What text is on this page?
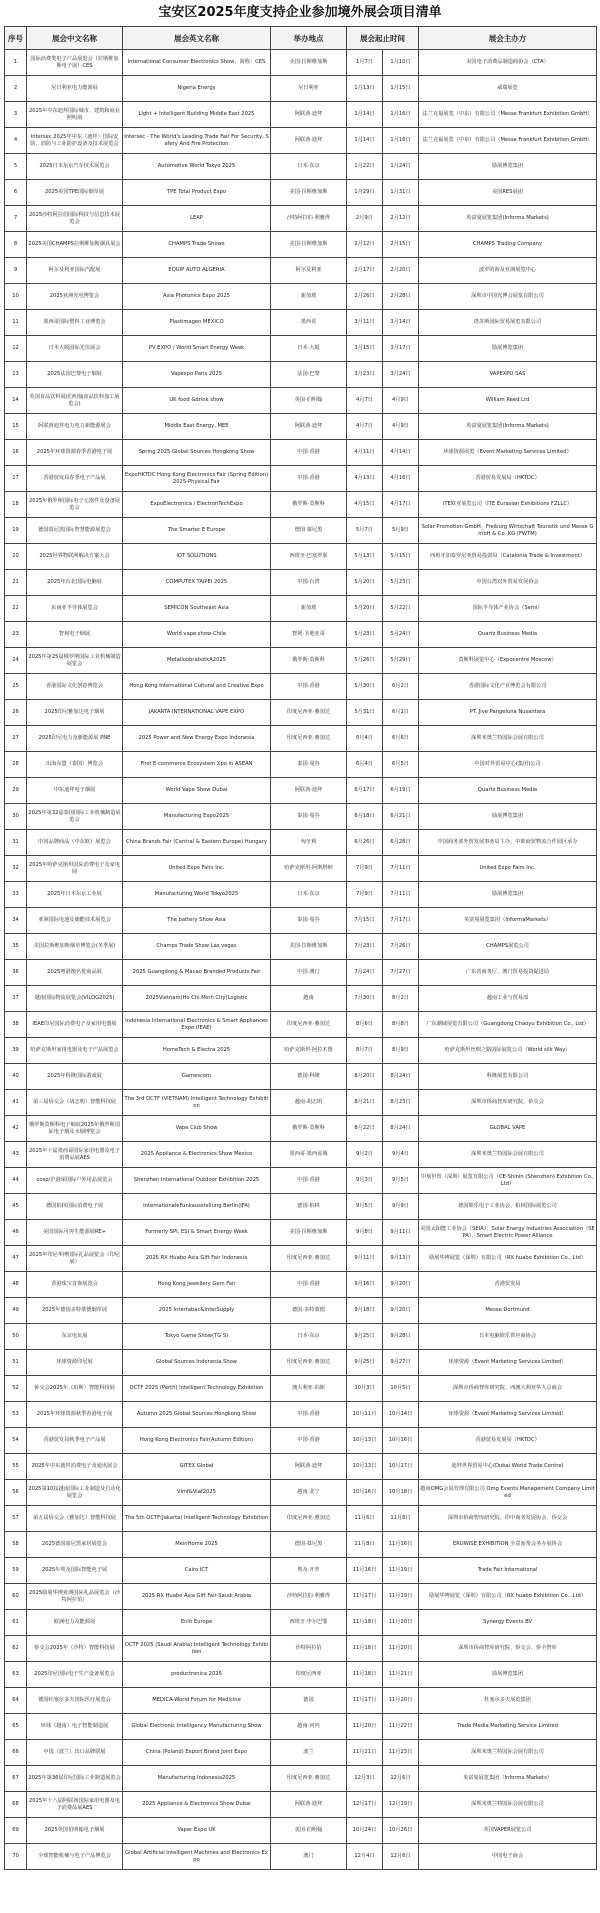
宝安区2025年度支持企业参加境外展会项目清单
序号	展会中文名称	展会英文名称	举办地点	展会起止时间		展会主办方
1	国际消费类电子产品展览会（拉斯维加斯电子展）CES	International Consumer Electronics Show，简称：CES	美国·拉斯维加斯	1月7日	1月10日	美国电子消费品制造商协会（CTA）
2	尼日利亚电力能源展	Nigeria Energy	尼日利亚	1月13日	1月15日	威瑞展览
3	2025年中东迪拜国际城市、建筑和商业照明展	Light + Intelligent Building Middle East 2025	阿联酋·迪拜	1月14日	1月16日	法兰克福展览（中东）有限公司（Messe Frankfurt Exhibition GmbH）
4	Intersec 2025年中东（迪拜）国际安防、消防与工业防护设备及技术展览会	Intersec - The World's Leading Trade Fair For Security, Safety And Fire Protection	阿联酋·迪拜	1月14日	1月16日	法兰克福展览（中东）有限公司（Messe Frankfurt Exhibition GmbH）
5	2025日本东京汽车技术展览会	Automotive World Tokyo 2025	日本·东京	1月22日	1月24日	励展博览集团
6	2025美国TPE国际烟草展	TPE Total Product Expo	美国·拉斯维加斯	1月29日	1月31日	美国RES展团
7	2025沙特阿拉伯国际科技与信息技术展览会	LEAP	沙特阿拉伯·利雅得	2月9日	2月12日	英富曼展览集团(Informa Markets)
8	2025美国CHAMPS拉斯维加斯烟具展会	CHAMPS Trade Shows	美国·拉斯维加斯	2月12日	2月15日	CHAMPS Trading Company
9	阿尔及利亚国际汽配展	EQUIP AUTO ALGERIA	阿尔及利亚	2月17日	2月20日	波罗的海及亚洲展览中心
10	2025亚洲光电博览会	Asia Photonics Expo 2025	新加坡	2月26日	2月28日	深圳市中国光博会展览有限公司
11	墨西哥国际塑料工业博览会	Plastimagen MEXICO	墨西哥	3月11日	3月14日	塔苏斯国际贸易展览有限公司
12	日本大阪国际光伏展会	PV EXPO / World Smart Energy Week	日本·大阪	3月15日	3月17日	励展博览集团
13	2025法国巴黎电子烟展	Vapexpo Paris 2025	法国·巴黎	3月23日	3月24日	VAPEXPO SAS
14	英国食品饮料展(伯明翰食品饮料加工展览会)	UK food &drink show	英国·伯明翰	4月7日	4月9日	William Reed Ltd
15	阿联酋迪拜电力电力新能源展会	Middle East Energy, MEE	阿联酋·迪拜	4月7日	4月9日	英富曼展览集团(Informa Markets)
16	2025年环球资源春季香港电子展	Spring 2025 Global Sources Hongkong Show	中国·香港	4月11日	4月14日	环球资源展览（Event Marketing Services Limited）
17	香港贸发局春季电子产品展	ExpoHKTDC Hong Kong Electronics Fair (Spring Edition) 2025-Physical Fair	中国·香港	4月13日	4月16日	香港贸易发展局（HKTDC）
18	2025年俄罗斯国际电子元器件及设备展览会	ExpoElectronica / ElectronTechExpo	俄罗斯·莫斯科	4月15日	4月17日	ITE欧亚展览公司（ITE Eurasian Exhibitions FZLLC）
19	德国慕尼黑国际智慧能源展览会	The Smarter E Europe	德国·慕尼黑	5月7日	5月9日	Solar Promotion GmbH、Freiburg Wirtschaft Touristik und Messe GmbH & Co. KG (FWTM)
20	2025世界物联网解决方案大会	IOT SOLUTIONS	西班牙·巴塞罗那	5月13日	5月15日	西班牙加泰罗尼亚贸易投资局（Catalonia Trade & Investment）
21	2025年台北国际电脑展	COMPUTEX TAIPEI 2025	中国·台湾	5月20日	5月23日	中国台湾对外贸易发展协会
22	东南亚半导体展览会	SEMICON Southeast Asia	新加坡	5月20日	5月22日	国际半导体产业协会（Semi）
23	智利电子烟展	World vape show-Chile	智利·圣地亚哥	5月23日	5月24日	Quartz Business Media
24	2025年第25届俄罗斯国际工业机械制造展览会	MetalloobrabotkA2025	俄罗斯·莫斯科	5月26日	5月29日	莫斯科展览中心（Expocentre Moscow）
25	香港国际文化创意博览会	Hong Kong International Cultural and Creative Expo	中国·香港	5月30日	6月2日	香港国际文化产业博览会有限公司
26	2025印尼雅加达电子烟展	JAKARTA INTERNATIONAL VAPE EXPO	印度尼西亚·雅加达	5月31日	6月1日	PT. Jive Pangeluna Nusantara
27	2025印尼电力及新能源展 PNE	2025 Power and New Energy Expo Indonesia	印度尼西亚·雅加达	6月4日	6月6日	深圳米奥兰特国际会展有限公司
28	出海东盟（泰国）博览会	First E-commerce Ecosystem Xpo in ASEAN	泰国·曼谷	6月4日	6月5日	中国对外贸易中心(集团)公司
29	中东迪拜电子烟展	World Vape Show Dubai	阿联酋·迪拜	6月17日	6月19日	Quartz Business Media
30	2025年第32届泰国国际工业机械制造展览会	Manufacturing Expo2025	泰国·曼谷	6月18日	6月21日	励展博览集团
31	中国品牌商品（中东欧）展览会	China Brands Fair (Central & Eastern Europe) Hungary	匈牙利	6月26日	6月28日	中国商务部外贸发展事务局主办，中欧商贸物流合作园区承办
32	2025年哈萨克斯坦国际消费电子及家电展	United Expo Fairs Inc.	哈萨克斯坦·阿斯塔纳	7月9日	7月11日	United Expo Fairs Inc.
33	2025年日本东京工业展	Manufacturing World Tokyo2025	日本·东京	7月9日	7月11日	励展博览集团
34	亚洲国际电池及储能技术展览会	The battery Show Asia	泰国·曼谷	7月15日	7月17日	英富曼展览集团（InformaMarkets）
35	美国拉斯维加斯烟草博览会(冬季展)	Champs Trade Show Las vegas	美国·拉斯维加斯	7月23日	7月26日	CHAMPS展览公司
36	2025粤港澳名优商品展	2025 Guangdong & Macao Branded Products Fair	中国·澳门	7月24日	7月27日	广东省商务厅、澳门贸易投资促进局
37	越南国际物流展览会(VILOG2025)	2025Vietnam(Ho Chi Minh City)Logistic	越南	7月30日	8月2日	越南工业与贸易部
38	IEAE印尼国际消费电子及家用电器展	Indonesia International Electronics & Smart Appliances Expo (IEAE)	印度尼西亚·雅加达	8月6日	8月8日	广东潮域展览有限公司（Guangdong Chaoyu Exhibition Co., Ltd）
39	哈萨克斯坦家用电器及电子产品展览会	HomeTech & Electra 2025	哈萨克斯坦·阿拉木图	8月7日	8月9日	哈萨克斯坦丝绸之路国际展览公司（World silk Way）
40	2025年科隆国际游戏展	Gamescom	德国·科隆	8月20日	8月24日	科隆展览有限公司
41	第三届侨交会（胡志明）智能科技展	The 3rd OCTF (VIETNAM) Intelligent Technology Exhibition	越南·胡志明	8月21日	8月23日	深圳市侨商智库研究院、侨交会
42	俄罗斯莫斯科电子烟展2025年俄罗斯国际电子烟及水烟博览会	Vape Club Show	俄罗斯·莫斯科	8月22日	8月24日	GLOBAL VAPE
43	2025年十届墨西哥国际家用电器及电子消费品展AES	2025 Appliance & Electronics Show Mexico	墨西哥·墨西哥城	9月2日	9月4日	深圳米奥兰特国际会展有限公司
44	cosp/沪港深国际户外用品展览会	Shenzhen International Outdoor Exhibition 2025	中国·香港	9月3日	9月5日	中展世贸（深圳）展览有限公司（CE-Shinin (Shenzhen) Exhibition Co., Ltd）
45	德国柏林国际消费电子展	InternationaleFunkausstellung Berlin(IFA)	德国·柏林	9月5日	9月9日	德国娱乐电子工业协会、柏林国际展览公司
46	美国国际可再生能源展RE+	Formerly SPI, ESI & Smart Energy Week	美国·拉斯维加斯	9月8日	9月11日	美国太阳能工业协会（SEIA）、Solar Energy Industries Association（SEPA）、Smart Electric Power Alliance
47	2025年印尼华博国际礼品展览会（印尼展）	2025 RX Huabo Asia Gift Fair Indonesia	印度尼西亚·雅加达	9月11日	9月13日	励展华博展览（深圳）有限公司（RX huabo Exhibition Co., Ltd）
48	香港珠宝首饰展览会	Hong Kong Jewellery Gem Fair	中国·香港	9月16日	9月20日	香港贸发局
49	2025年德国多特蒙德烟草展	2025 Intertabac&InterSupply	德国·多特蒙德	9月18日	9月20日	Messe Dortmund
50	东京电玩展	Tokyo Game Show(TG S)	日本·东京	9月25日	9月28日	日本电脑娱乐供应商协会
51	环球资源印尼展	Global Sources Indonesia Show	印度尼西亚·雅加达	9月25日	9月27日	环球资源（Event Marketing Services Limited）
52	侨交会2025年（珀斯）智能科技展	OCTF 2025 (Perth) Intelligent Technology Exhibition	澳大利亚·珀斯	10月3日	10月5日	深圳市侨商智库研究院、西澳大利亚华人总商会
53	2025年环球资源秋季香港电子展	Autumn 2025 Global Sources Hongkong Show	中国·香港	10月11日	10月14日	环球资源（Event Marketing Services Limited）
54	香港贸发局秋季电子产品展	Hong Kong Electronics Fair(Autumn Edition)	中国·香港	10月13日	10月16日	香港贸易发展局（HKTDC）
55	2025年中东迪拜消费电子及通讯展会	GITEX Global	阿联酋·迪拜	10月13日	10月17日	迪拜世界贸易中心(Dubai World Trade Centre)
56	2025第10届越南国际工业制造及自动化展览会	Vimf&Viaf2025	越南·北宁	10月16日	10月18日	越南OMG会展管理有限公司 Omg Events Management Company Limited
57	第五届侨交会（雅加达）智能科技展	The 5th OCTF(Jakarta) Intelligent Technology Exhibition	印度尼西亚·雅加达	11月6日	11月8日	深圳市侨商智库研究院、印中商务发展协会、侨交会
58	2025德国慕尼黑家居展览会	MeinHome 2025	德国·慕尼黑	11月8日	11月16日	ERUWISE EXHIBITION 全意而帮会务办展协会
59	2025年埃及国际智能电子展	Cairo ICT	埃及·开罗	11月16日	11月19日	Trade Fair International
60	2025励展华博亚洲国际礼品展览会（沙特阿拉伯）	2025 RX Huabo Asia Gift Fair-Saudi Arabia	沙特阿拉伯·利雅得	11月17日	11月19日	励展华博展览（深圳）有限公司（RX huabo Exhibition Co., Ltd）
61	欧洲电力及能源展	Enlit Europe	西班牙·毕尔巴鄂	11月18日	11月20日	Synergy Events BV
62	侨交会2025年（沙特）智能科技展	OCTF 2025 (Saudi Arabia) Intelligent Technology Exhibition	沙特阿拉伯	11月18日	11月20日	深圳市侨商智库研究院、侨交会、侨全智库
63	2025印尼国际电子生产设备展览会	productronica 2025	印度尼西亚	11月18日	11月21日	励展博览集团
64	德国杜塞尔多夫国际医疗展览会	MEDICA-World Forum for Medicine	德国	11月17日	11月20日	杜塞尔多夫展览集团
65	环球（越南）电子智能制造展	Global Electronic Intelligency Manufacturing Show	越南·河内	11月20日	11月22日	Trade Media Marketing Service Limited
66	中国（波兰）出口品牌联展	China (Poland) Export Brand Joint Expo	波兰	11月21日	11月23日	深圳米奥兰特国际会展有限公司
67	2025年第36届印尼国际工业制造展览会	Manufacturing Indonesia2025	印度尼西亚·雅加达	12月3日	12月6日	英富曼展览集团（Informa Markets）
68	2025年十八届阿联酋国际家用电器及电子消费品展AES	2025 Appliance & Electronics Show Dubai	阿联酋·迪拜	12月17日	12月19日	深圳米奥兰特国际会展有限公司
69	2025英国伯明翰电子烟展	Vaper Expo UK	英国·伯明翰	10月24日	10月26日	英国VAPER展览公司
70	全球智能机械与电子产品博览会	Global Artificial Intelligent Machines and Electronics Expo	澳门	12月4日	12月6日	中国电子商会
